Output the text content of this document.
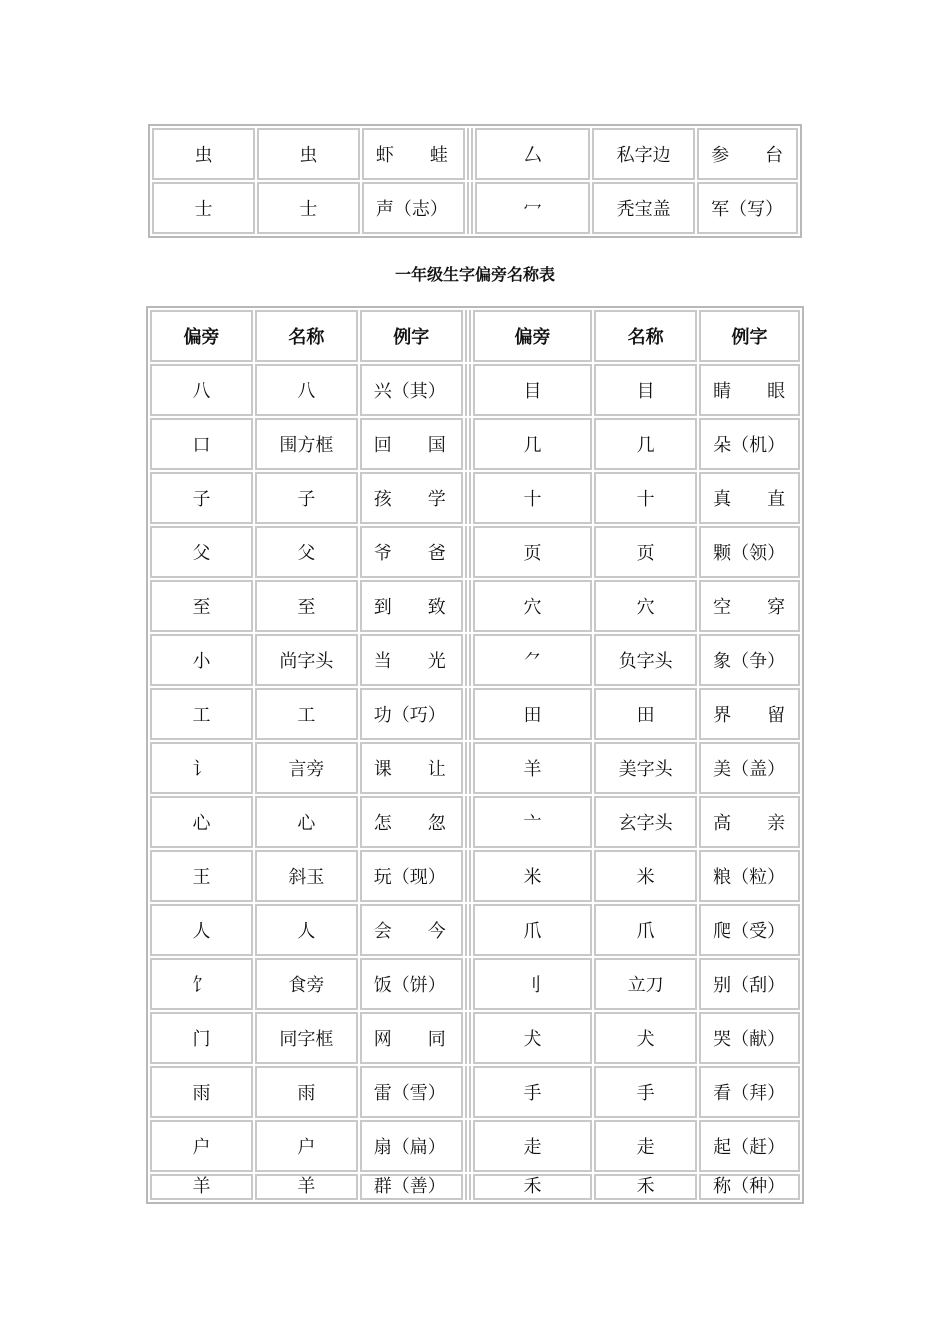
虫	虫	虾　　蛙		厶	私字边	参　　台
士	士	声（志）		冖	秃宝盖	军（写）
一年级生字偏旁名称表
偏旁	名称	例字		偏旁	名称	例字
八	八	兴（其）		目	目	睛　　眼
口	围方框	回　　国		几	几	朵（机）
子	子	孩　　学		十	十	真　　直
父	父	爷　　爸		页	页	颗（领）
至	至	到　　致		穴	穴	空　　穿
小	尚字头	当　　光		⺈	负字头	象（争）
工	工	功（巧）		田	田	界　　留
讠	言旁	课　　让		羊	美字头	美（盖）
心	心	怎　　忽		亠	玄字头	高　　亲
王	斜玉	玩（现）		米	米	粮（粒）
人	人	会　　今		爪	爪	爬（受）
饣	食旁	饭（饼）		刂	立刀	别（刮）
门	同字框	网　　同		犬	犬	哭（献）
雨	雨	雷（雪）		手	手	看（拜）
户	户	扇（扁）		走	走	起（赶）
羊	羊	群（善）		禾	禾	称（种）
